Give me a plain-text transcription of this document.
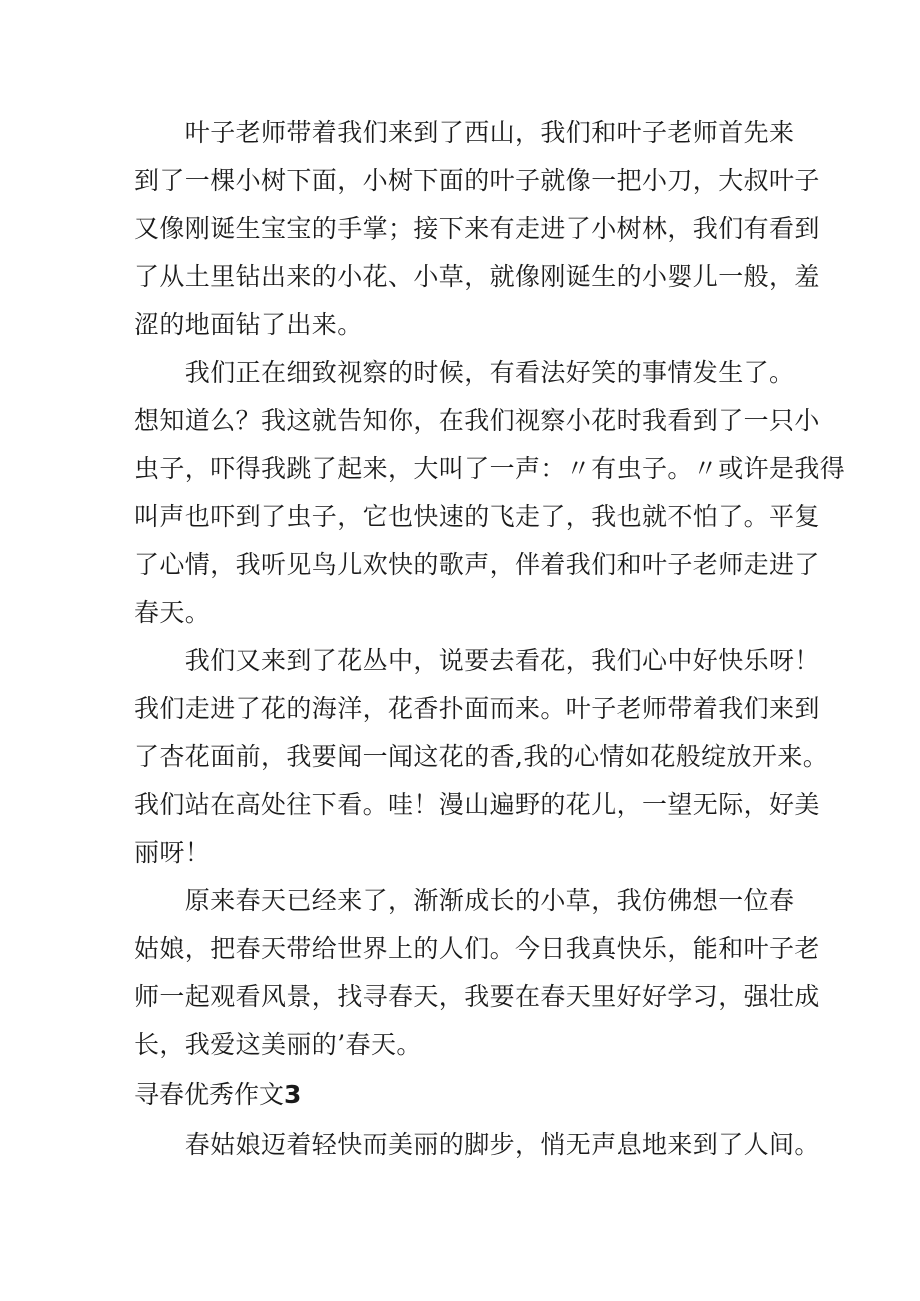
　　叶子老师带着我们来到了西山，我们和叶子老师首先来
到了一棵小树下面，小树下面的叶子就像一把小刀，大叔叶子
又像刚诞生宝宝的手掌；接下来有走进了小树林，我们有看到
了从土里钻出来的小花、小草，就像刚诞生的小婴儿一般，羞
涩的地面钻了出来。
　　我们正在细致视察的时候，有看法好笑的事情发生了。
想知道么？我这就告知你，在我们视察小花时我看到了一只小
虫子，吓得我跳了起来，大叫了一声：〃有虫子。〃或许是我得
叫声也吓到了虫子，它也快速的飞走了，我也就不怕了。平复
了心情，我听见鸟儿欢快的歌声，伴着我们和叶子老师走进了
春天。
　　我们又来到了花丛中，说要去看花，我们心中好快乐呀！
我们走进了花的海洋，花香扑面而来。叶子老师带着我们来到
了杏花面前，我要闻一闻这花的香,我的心情如花般绽放开来。
我们站在高处往下看。哇！漫山遍野的花儿，一望无际，好美
丽呀！
　　原来春天已经来了，渐渐成长的小草，我仿佛想一位春
姑娘，把春天带给世界上的人们。今日我真快乐，能和叶子老
师一起观看风景，找寻春天，我要在春天里好好学习，强壮成
长，我爱这美丽的’春天。
寻春优秀作文3
　　春姑娘迈着轻快而美丽的脚步，悄无声息地来到了人间。
